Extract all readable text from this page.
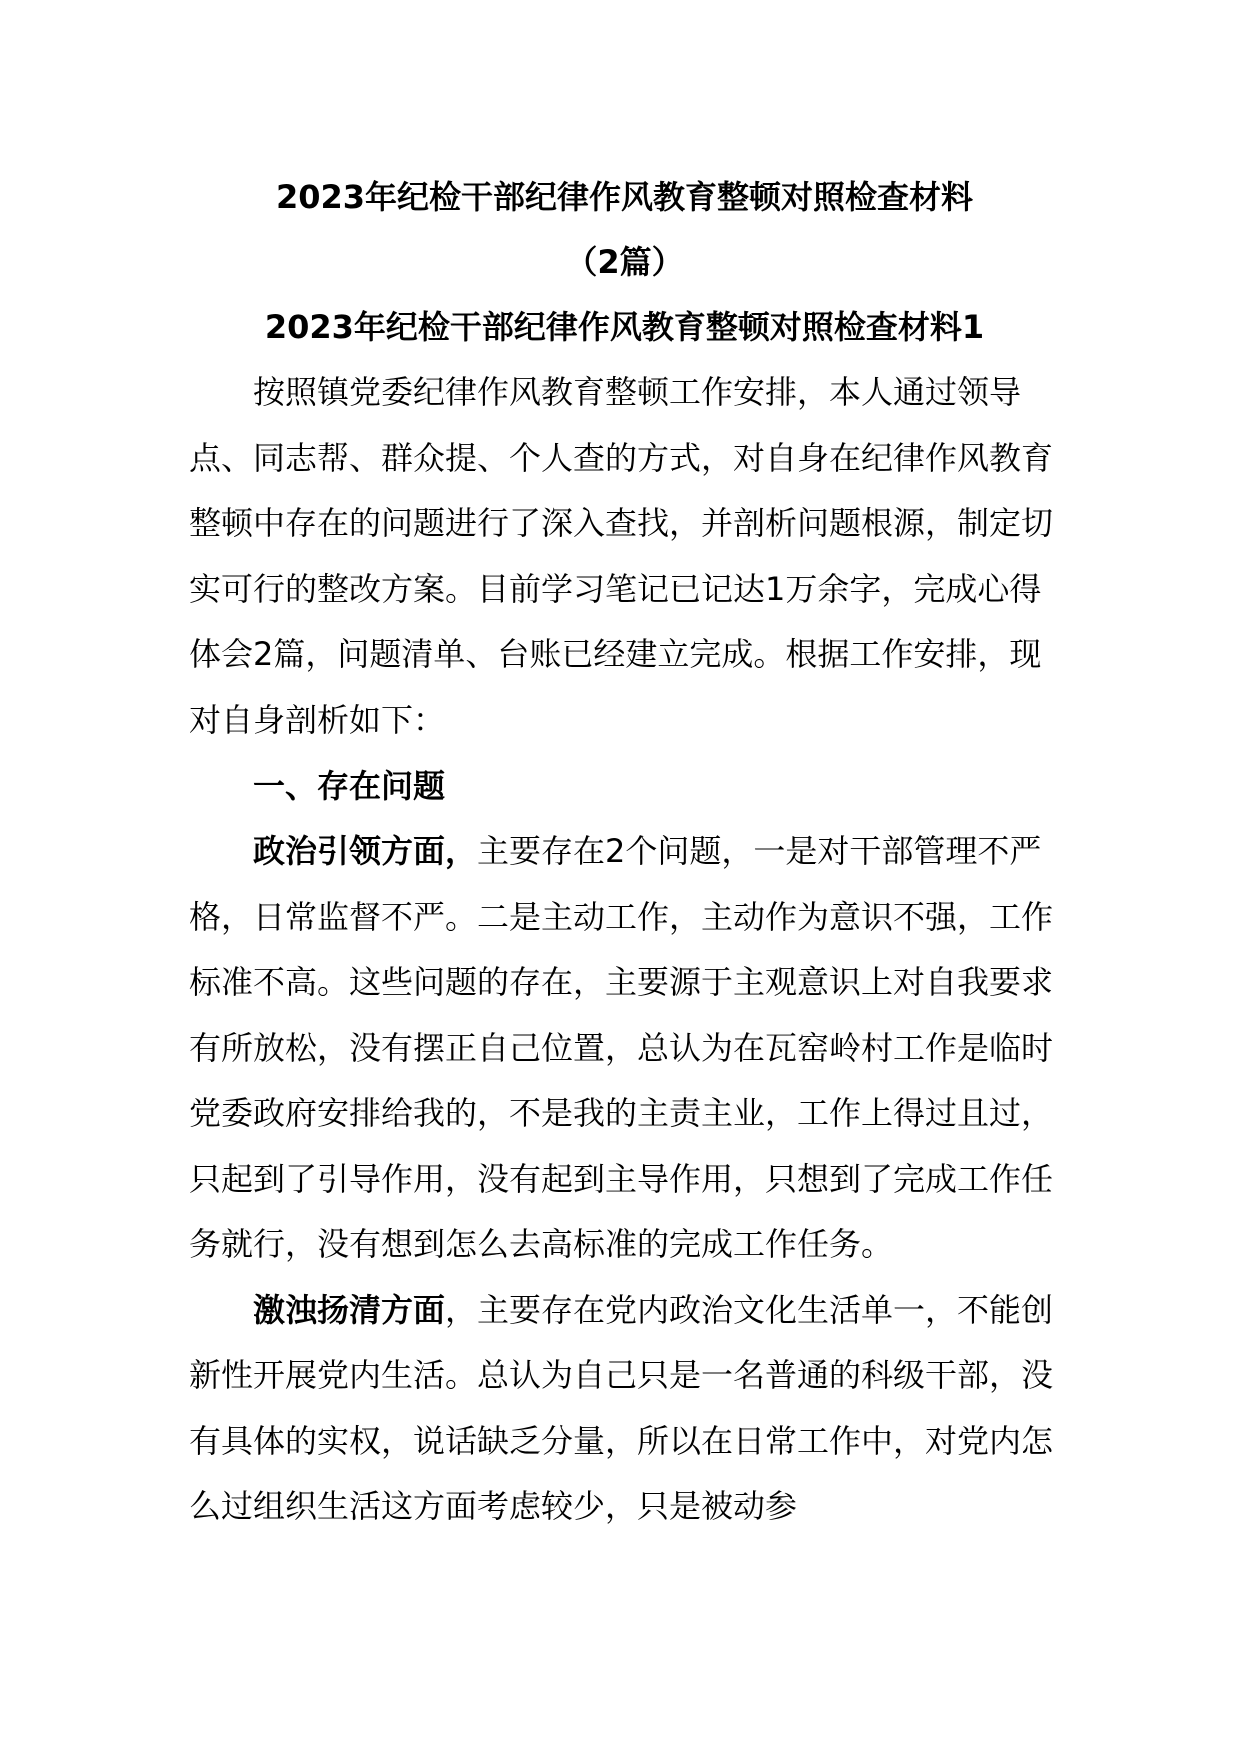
2023年纪检干部纪律作风教育整顿对照检查材料

（2篇）

2023年纪检干部纪律作风教育整顿对照检查材料1

按照镇党委纪律作风教育整顿工作安排，本人通过领导点、同志帮、群众提、个人查的方式，对自身在纪律作风教育整顿中存在的问题进行了深入查找，并剖析问题根源，制定切实可行的整改方案。目前学习笔记已记达1万余字，完成心得体会2篇，问题清单、台账已经建立完成。根据工作安排，现对自身剖析如下：

一、存在问题

政治引领方面，主要存在2个问题，一是对干部管理不严格，日常监督不严。二是主动工作，主动作为意识不强，工作标准不高。这些问题的存在，主要源于主观意识上对自我要求有所放松，没有摆正自己位置，总认为在瓦窑岭村工作是临时党委政府安排给我的，不是我的主责主业，工作上得过且过，只起到了引导作用，没有起到主导作用，只想到了完成工作任务就行，没有想到怎么去高标准的完成工作任务。

激浊扬清方面，主要存在党内政治文化生活单一，不能创新性开展党内生活。总认为自己只是一名普通的科级干部，没有具体的实权，说话缺乏分量，所以在日常工作中，对党内怎么过组织生活这方面考虑较少，只是被动参
